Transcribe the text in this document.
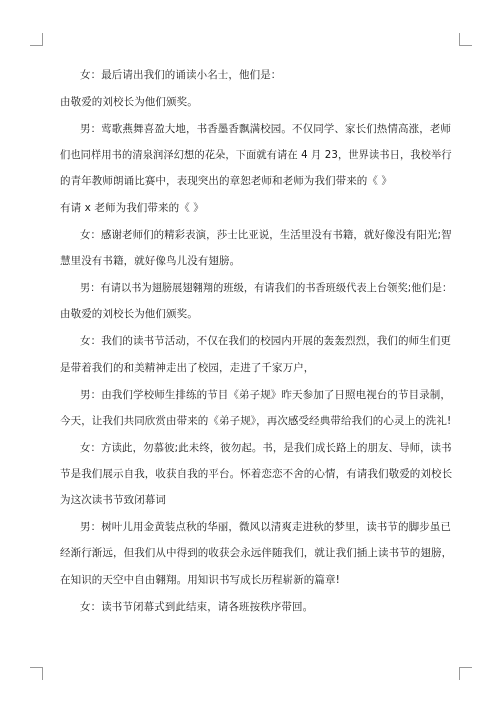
女：最后请出我们的诵读小名士，他们是：
由敬爱的刘校长为他们颁奖。
男：莺歌燕舞喜盈大地，书香墨香飘满校园。不仅同学、家长们热情高涨，老师
们也同样用书的清泉润泽幻想的花朵，下面就有请在 4 月 23，世界读书日，我校举行
的青年教师朗诵比赛中，表现突出的章恕老师和老师为我们带来的《 》
有请 x 老师为我们带来的《 》
女：感谢老师们的精彩表演，莎士比亚说，生活里没有书籍，就好像没有阳光;智
慧里没有书籍，就好像鸟儿没有翅膀。
男：有请以书为翅膀展翅翱翔的班级，有请我们的书香班级代表上台领奖;他们是：
由敬爱的刘校长为他们颁奖。
女：我们的读书节活动，不仅在我们的校园内开展的轰轰烈烈，我们的师生们更
是带着我们的和美精神走出了校园，走进了千家万户，
男：由我们学校师生排练的节目《弟子规》昨天参加了日照电视台的节目录制，
今天，让我们共同欣赏由带来的《弟子规》，再次感受经典带给我们的心灵上的洗礼!
女：方读此，勿慕彼;此未终，彼勿起。书，是我们成长路上的朋友、导师，读书
节是我们展示自我，收获自我的平台。怀着恋恋不舍的心情，有请我们敬爱的刘校长
为这次读书节致闭幕词
男：树叶儿用金黄装点秋的华丽，微风以清爽走进秋的梦里，读书节的脚步虽已
经渐行渐远，但我们从中得到的收获会永远伴随我们，就让我们插上读书节的翅膀，
在知识的天空中自由翱翔。用知识书写成长历程崭新的篇章!
女：读书节闭幕式到此结束，请各班按秩序带回。
